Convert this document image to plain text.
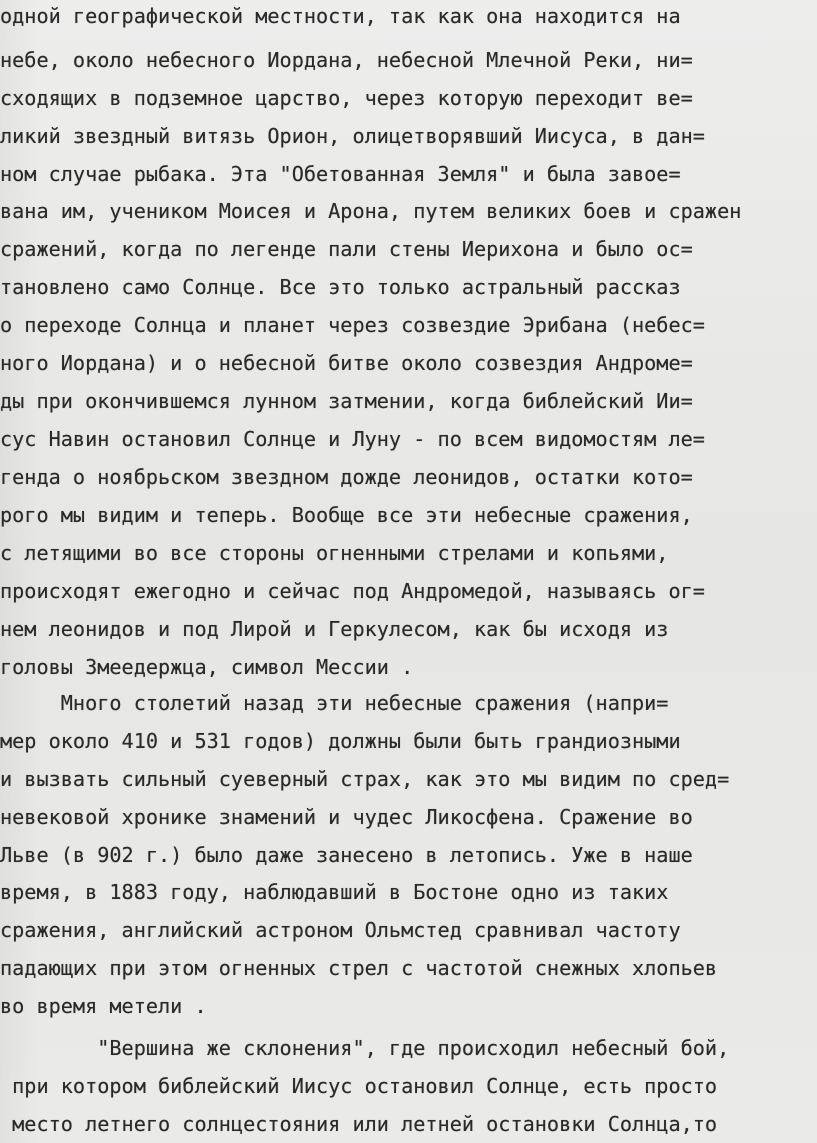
одной географической местности, так как она находится на
небе, около небесного Иордана, небесной Млечной Реки, ни=
сходящих в подземное царство, через которую переходит ве=
ликий звездный витязь Орион, олицетворявший Иисуса, в дан=
ном случае рыбака. Эта "Обетованная Земля" и была завое=
вана им, учеником Моисея и Арона, путем великих боев и сражен
сражений, когда по легенде пали стены Иерихона и было ос=
тановлено само Солнце. Все это только астральный рассказ
о переходе Солнца и планет через созвездие Эрибана (небес=
ного Иордана) и о небесной битве около созвездия Андроме=
ды при окончившемся лунном затмении, когда библейский Ии=
сус Навин остановил Солнце и Луну - по всем видомостям ле=
генда о ноябрьском звездном дожде леонидов, остатки кото=
рого мы видим и теперь. Вообще все эти небесные сражения,
с летящими во все стороны огненными стрелами и копьями,
происходят ежегодно и сейчас под Андромедой, называясь ог=
нем леонидов и под Лирой и Геркулесом, как бы исходя из
головы Змеедержца, символ Мессии .
Много столетий назад эти небесные сражения (напри=
мер около 410 и 531 годов) должны были быть грандиозными
и вызвать сильный суеверный страх, как это мы видим по сред=
невековой хронике знамений и чудес Ликосфена. Сражение во
Льве (в 902 г.) было даже занесено в летопись. Уже в наше
время, в 1883 году, наблюдавший в Бостоне одно из таких
сражения, английский астроном Ольмстед сравнивал частоту
падающих при этом огненных стрел с частотой снежных хлопьев
во время метели .
"Вершина же склонения", где происходил небесный бой,
при котором библейский Иисус остановил Солнце, есть просто
место летнего солнцестояния или летней остановки Солнца,то
